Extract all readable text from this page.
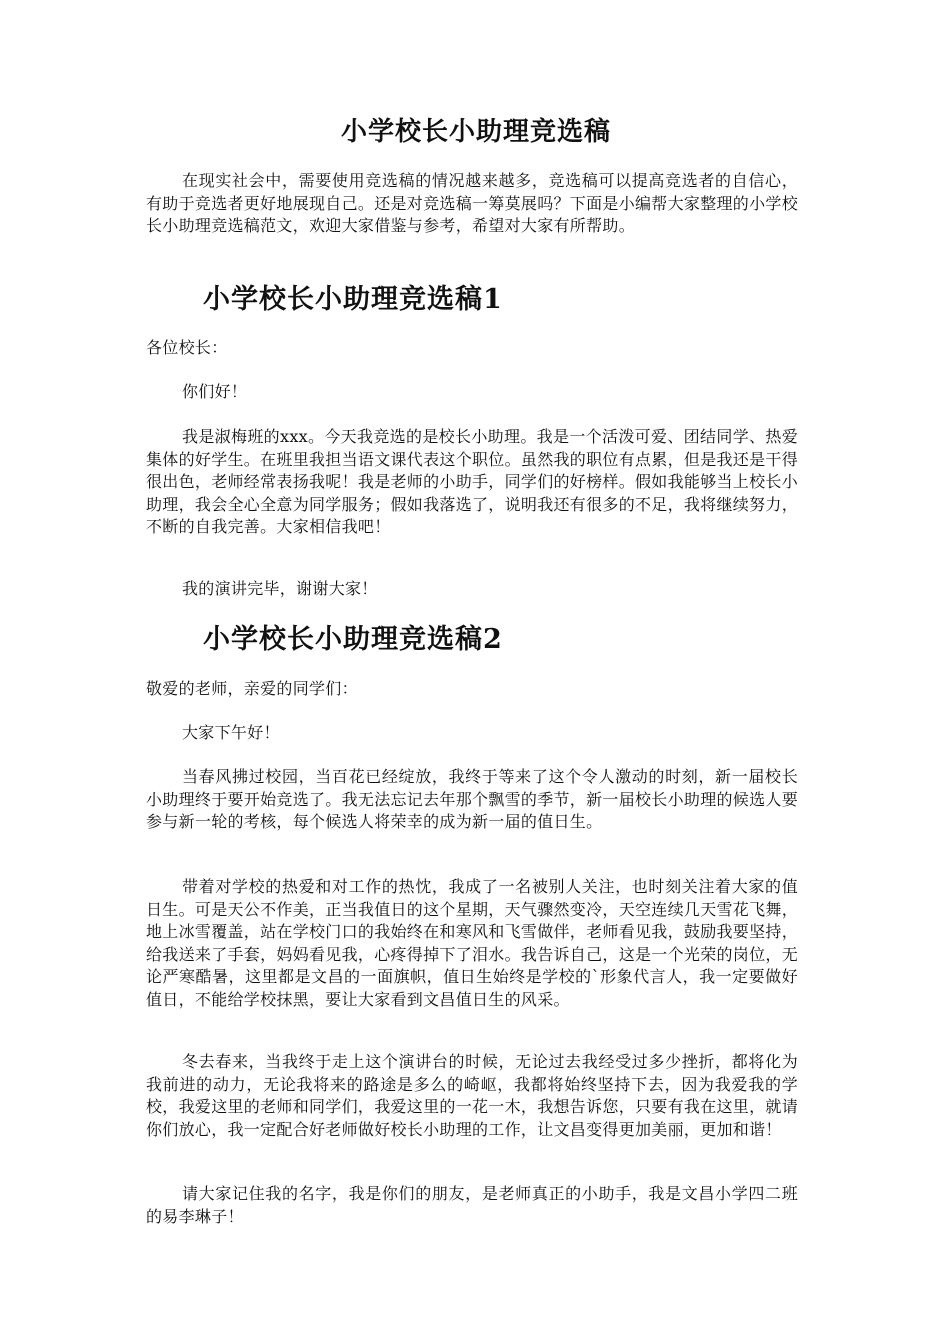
小学校长小助理竞选稿

在现实社会中，需要使用竞选稿的情况越来越多，竞选稿可以提高竞选者的自信心，有助于竞选者更好地展现自己。还是对竞选稿一筹莫展吗？下面是小编帮大家整理的小学校长小助理竞选稿范文，欢迎大家借鉴与参考，希望对大家有所帮助。

小学校长小助理竞选稿1

各位校长：

你们好！

我是淑梅班的xxx。今天我竞选的是校长小助理。我是一个活泼可爱、团结同学、热爱集体的好学生。在班里我担当语文课代表这个职位。虽然我的职位有点累，但是我还是干得很出色，老师经常表扬我呢！我是老师的小助手，同学们的好榜样。假如我能够当上校长小助理，我会全心全意为同学服务；假如我落选了，说明我还有很多的不足，我将继续努力，不断的自我完善。大家相信我吧！

我的演讲完毕，谢谢大家！

小学校长小助理竞选稿2

敬爱的老师，亲爱的同学们：

大家下午好！

当春风拂过校园，当百花已经绽放，我终于等来了这个令人激动的时刻，新一届校长小助理终于要开始竞选了。我无法忘记去年那个飘雪的季节，新一届校长小助理的候选人要参与新一轮的考核，每个候选人将荣幸的成为新一届的值日生。

带着对学校的热爱和对工作的热忱，我成了一名被别人关注，也时刻关注着大家的值日生。可是天公不作美，正当我值日的这个星期，天气骤然变冷，天空连续几天雪花飞舞，地上冰雪覆盖，站在学校门口的我始终在和寒风和飞雪做伴，老师看见我，鼓励我要坚持，给我送来了手套，妈妈看见我，心疼得掉下了泪水。我告诉自己，这是一个光荣的岗位，无论严寒酷暑，这里都是文昌的一面旗帜，值日生始终是学校的`形象代言人，我一定要做好值日，不能给学校抹黑，要让大家看到文昌值日生的风采。

冬去春来，当我终于走上这个演讲台的时候，无论过去我经受过多少挫折，都将化为我前进的动力，无论我将来的路途是多么的崎岖，我都将始终坚持下去，因为我爱我的学校，我爱这里的老师和同学们，我爱这里的一花一木，我想告诉您，只要有我在这里，就请你们放心，我一定配合好老师做好校长小助理的工作，让文昌变得更加美丽，更加和谐！

请大家记住我的名字，我是你们的朋友，是老师真正的小助手，我是文昌小学四二班的易李琳子！
